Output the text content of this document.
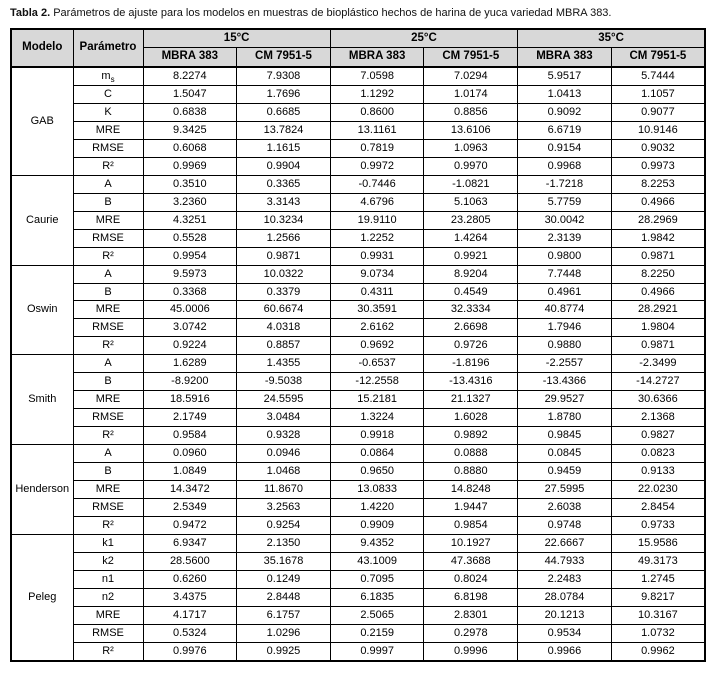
Tabla 2. Parámetros de ajuste para los modelos en muestras de bioplástico hechos de harina de yuca variedad MBRA 383.

Modelo	Parámetro	15°C		25°C		35°C	
		MBRA 383	CM 7951-5	MBRA 383	CM 7951-5	MBRA 383	CM 7951-5
GAB	$m_s$	8.2274	7.9308	7.0598	7.0294	5.9517	5.7444
	C	1.5047	1.7696	1.1292	1.0174	1.0413	1.1057
	K	0.6838	0.6685	0.8600	0.8856	0.9092	0.9077
	MRE	9.3425	13.7824	13.1161	13.6106	6.6719	10.9146
	RMSE	0.6068	1.1615	0.7819	1.0963	0.9154	0.9032
	R²	0.9969	0.9904	0.9972	0.9970	0.9968	0.9973
Caurie	A	0.3510	0.3365	-0.7446	-1.0821	-1.7218	8.2253
	B	3.2360	3.3143	4.6796	5.1063	5.7759	0.4966
	MRE	4.3251	10.3234	19.9110	23.2805	30.0042	28.2969
	RMSE	0.5528	1.2566	1.2252	1.4264	2.3139	1.9842
	R²	0.9954	0.9871	0.9931	0.9921	0.9800	0.9871
Oswin	A	9.5973	10.0322	9.0734	8.9204	7.7448	8.2250
	B	0.3368	0.3379	0.4311	0.4549	0.4961	0.4966
	MRE	45.0006	60.6674	30.3591	32.3334	40.8774	28.2921
	RMSE	3.0742	4.0318	2.6162	2.6698	1.7946	1.9804
	R²	0.9224	0.8857	0.9692	0.9726	0.9880	0.9871
Smith	A	1.6289	1.4355	-0.6537	-1.8196	-2.2557	-2.3499
	B	-8.9200	-9.5038	-12.2558	-13.4316	-13.4366	-14.2727
	MRE	18.5916	24.5595	15.2181	21.1327	29.9527	30.6366
	RMSE	2.1749	3.0484	1.3224	1.6028	1.8780	2.1368
	R²	0.9584	0.9328	0.9918	0.9892	0.9845	0.9827
Henderson	A	0.0960	0.0946	0.0864	0.0888	0.0845	0.0823
	B	1.0849	1.0468	0.9650	0.8880	0.9459	0.9133
	MRE	14.3472	11.8670	13.0833	14.8248	27.5995	22.0230
	RMSE	2.5349	3.2563	1.4220	1.9447	2.6038	2.8454
	R²	0.9472	0.9254	0.9909	0.9854	0.9748	0.9733
Peleg	k1	6.9347	2.1350	9.4352	10.1927	22.6667	15.9586
	k2	28.5600	35.1678	43.1009	47.3688	44.7933	49.3173
	n1	0.6260	0.1249	0.7095	0.8024	2.2483	1.2745
	n2	3.4375	2.8448	6.1835	6.8198	28.0784	9.8217
	MRE	4.1717	6.1757	2.5065	2.8301	20.1213	10.3167
	RMSE	0.5324	1.0296	0.2159	0.2978	0.9534	1.0732
	R²	0.9976	0.9925	0.9997	0.9996	0.9966	0.9962
